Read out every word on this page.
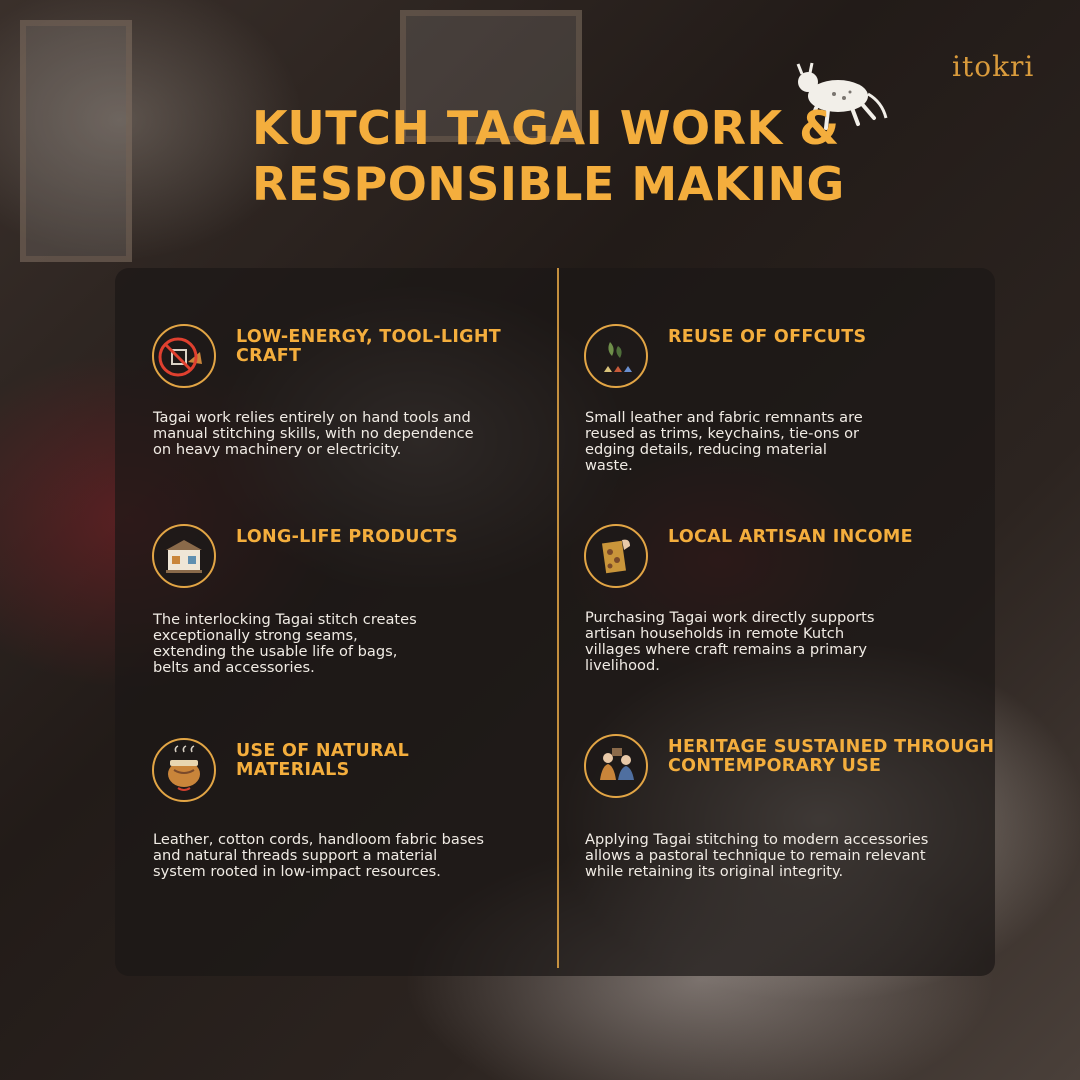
itokri
KUTCH TAGAI WORK &
RESPONSIBLE MAKING
LOW-ENERGY, TOOL-LIGHT
CRAFT

Tagai work relies entirely on hand tools and
manual stitching skills, with no dependence
on heavy machinery or electricity.

REUSE OF OFFCUTS

Small leather and fabric remnants are
reused as trims, keychains, tie-ons or
edging details, reducing material
waste.

LONG-LIFE PRODUCTS

The interlocking Tagai stitch creates
exceptionally strong seams,
extending the usable life of bags,
belts and accessories.

LOCAL ARTISAN INCOME

Purchasing Tagai work directly supports
artisan households in remote Kutch
villages where craft remains a primary
livelihood.

USE OF NATURAL
MATERIALS

Leather, cotton cords, handloom fabric bases
and natural threads support a material
system rooted in low-impact resources.

HERITAGE SUSTAINED THROUGH
CONTEMPORARY USE

Applying Tagai stitching to modern accessories
allows a pastoral technique to remain relevant
while retaining its original integrity.
